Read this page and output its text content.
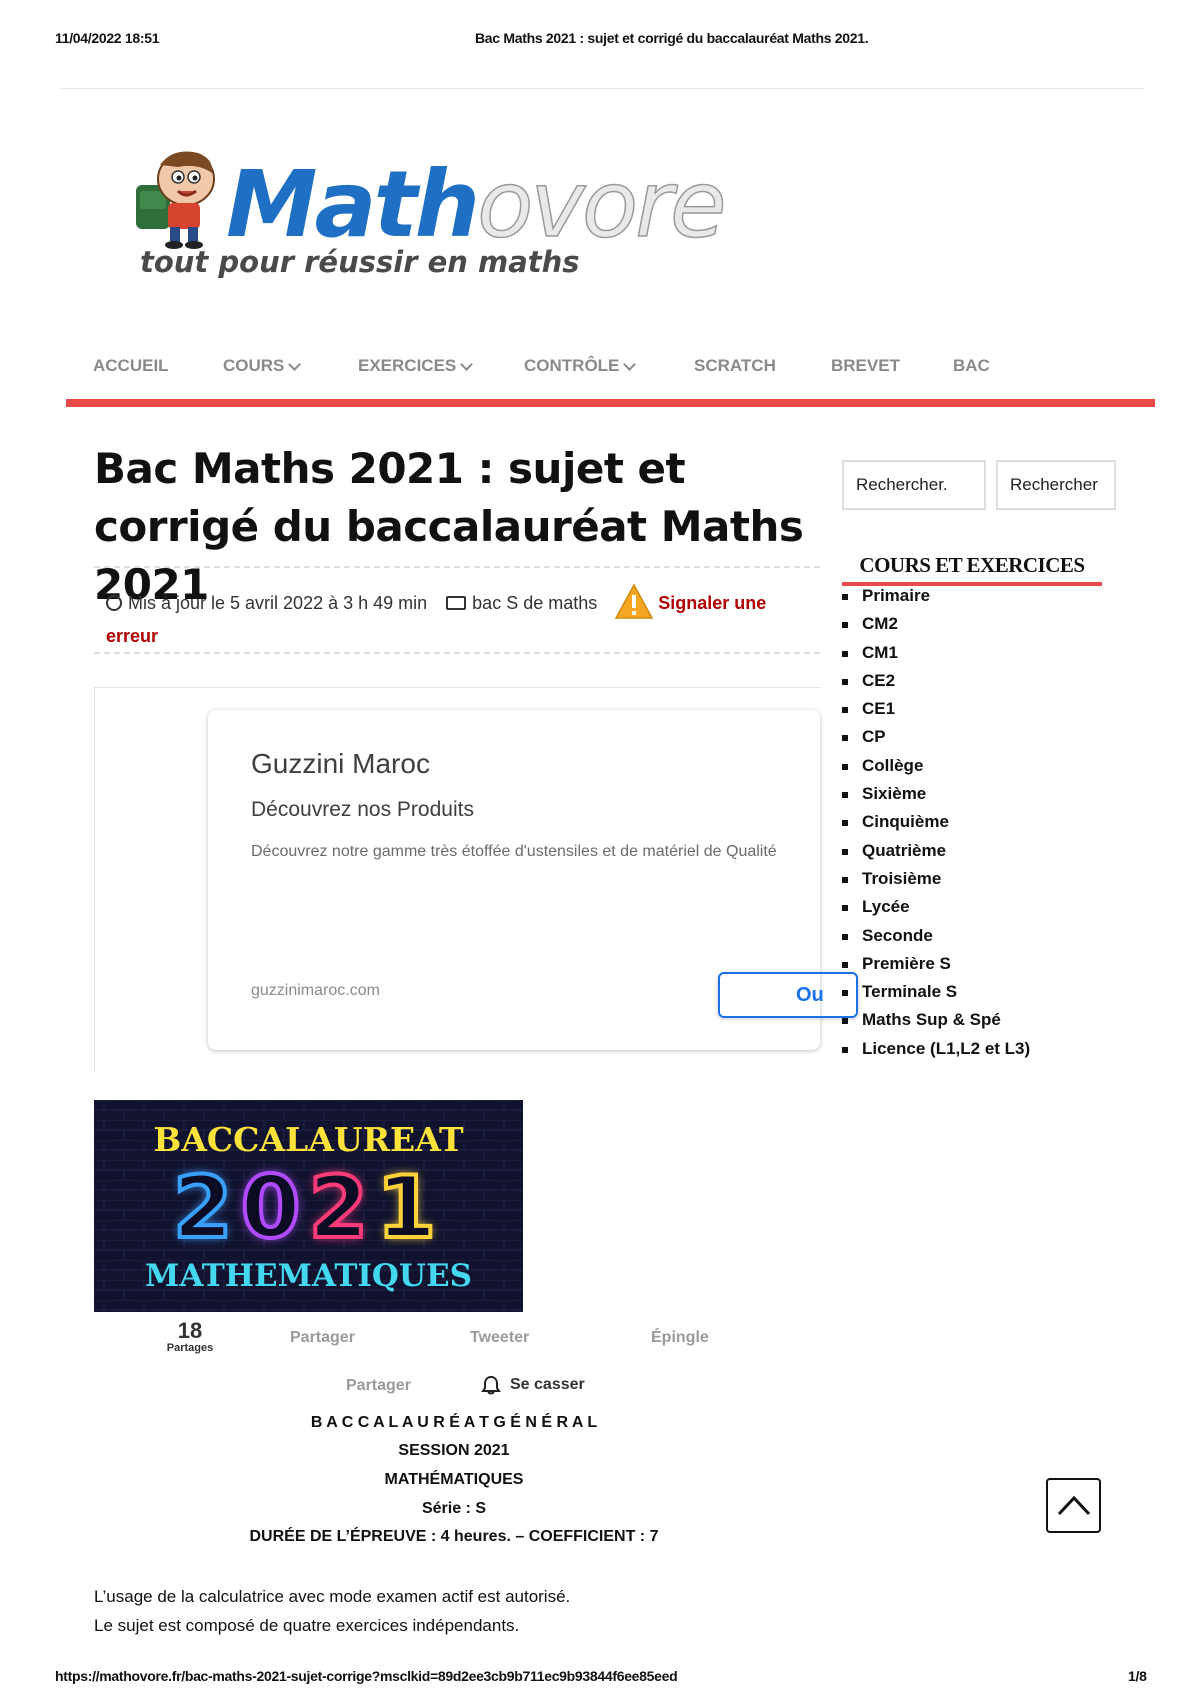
11/04/2022 18:51	Bac Maths 2021 : sujet et corrigé du baccalauréat Maths 2021.
Mathovore
tout pour réussir en maths
ACCUEIL	COURS	EXERCICES	CONTRÔLE	SCRATCH	BREVET	BAC
Bac Maths 2021 : sujet et corrigé du baccalauréat Maths 2021
Mis à jour le 5 avril 2022 à 3 h 49 min	bac S de maths	Signaler une
erreur
Guzzini Maroc
Découvrez nos Produits
Découvrez notre gamme très étoffée d'ustensiles et de matériel de Qualité
guzzinimaroc.com	Ou
BACCALAUREAT
2021
MATHEMATIQUES
18
Partages
Partager	Tweeter	Épingle
Partager	Se casser
B A C C A L A U R É A T G É N É R A L
SESSION 2021
MATHÉMATIQUES
Série : S
DURÉE DE L’ÉPREUVE : 4 heures. – COEFFICIENT : 7
L’usage de la calculatrice avec mode examen actif est autorisé.
Le sujet est composé de quatre exercices indépendants.
Rechercher.	Rechercher
COURS ET EXERCICES
Primaire
CM2
CM1
CE2
CE1
CP
Collège
Sixième
Cinquième
Quatrième
Troisième
Lycée
Seconde
Première S
Terminale S
Maths Sup & Spé
Licence (L1,L2 et L3)
https://mathovore.fr/bac-maths-2021-sujet-corrige?msclkid=89d2ee3cb9b711ec9b93844f6ee85eed	1/8
